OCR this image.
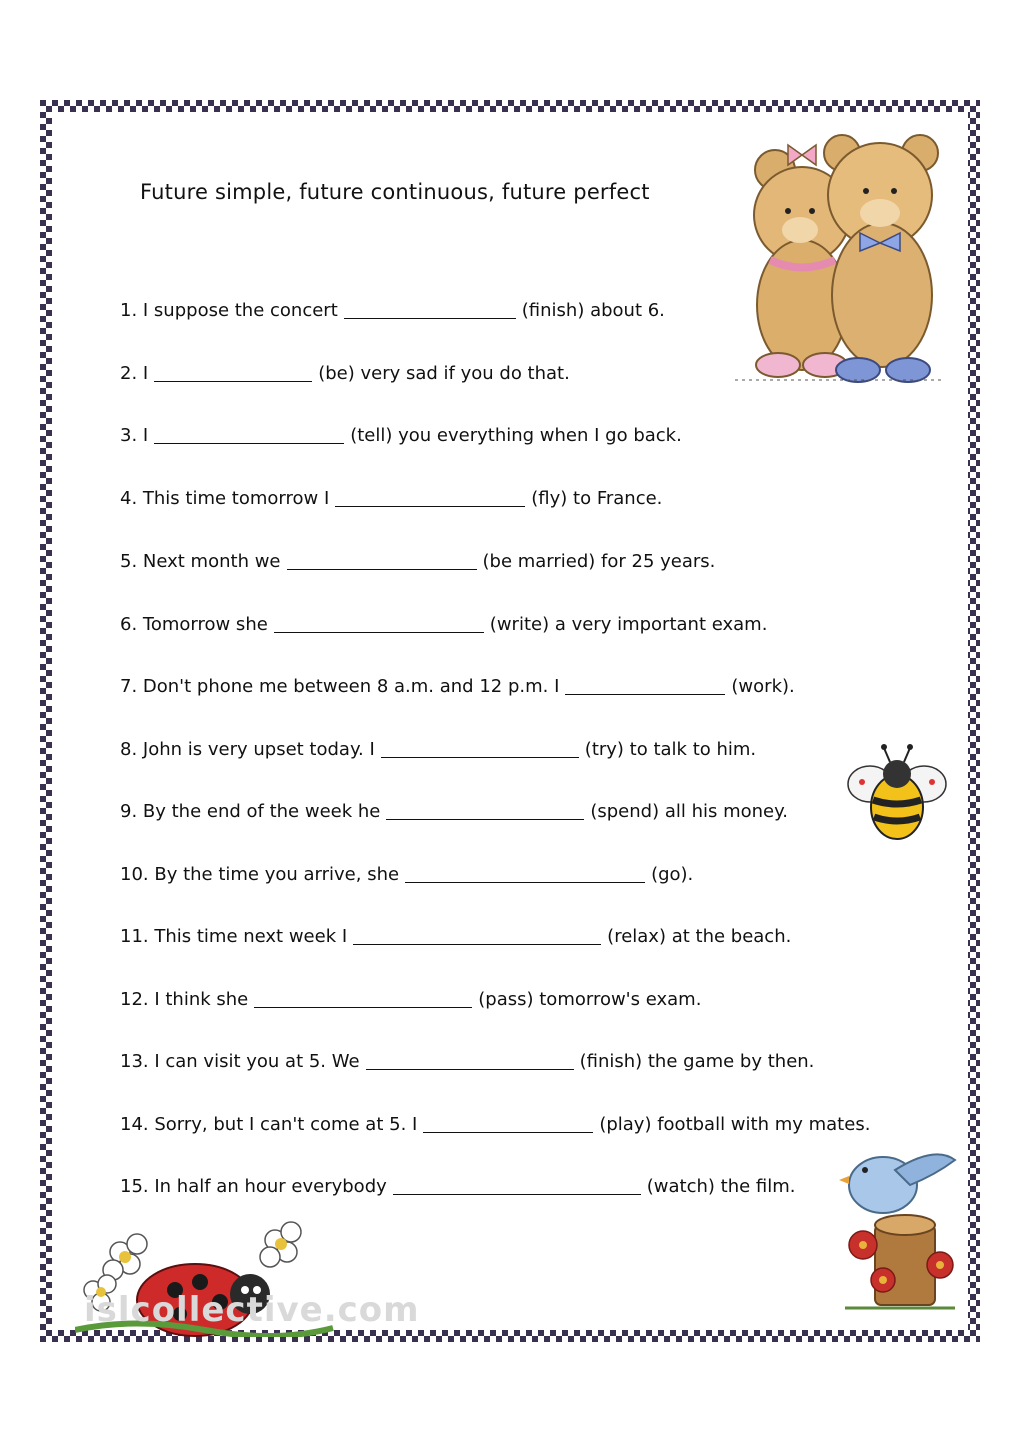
Future simple, future continuous, future perfect
1. I suppose the concert	(finish) about 6.
2. I	(be) very sad if you do that.
3. I	(tell) you everything when I go back.
4. This time tomorrow I	(fly) to France.
5. Next month we	(be married) for 25 years.
6. Tomorrow she	(write) a very important exam.
7. Don't phone me between 8 a.m. and 12 p.m. I	(work).
8. John is very upset today. I	(try) to talk to him.
9. By the end of the week he	(spend) all his money.
10. By the time you arrive, she	(go).
11. This time next week I	(relax) at the beach.
12. I think she	(pass) tomorrow's exam.
13. I can visit you at 5. We	(finish) the game by then.
14. Sorry, but I can't come at 5. I	(play) football with my mates.
15. In half an hour everybody	(watch) the film.
islcollective.com
